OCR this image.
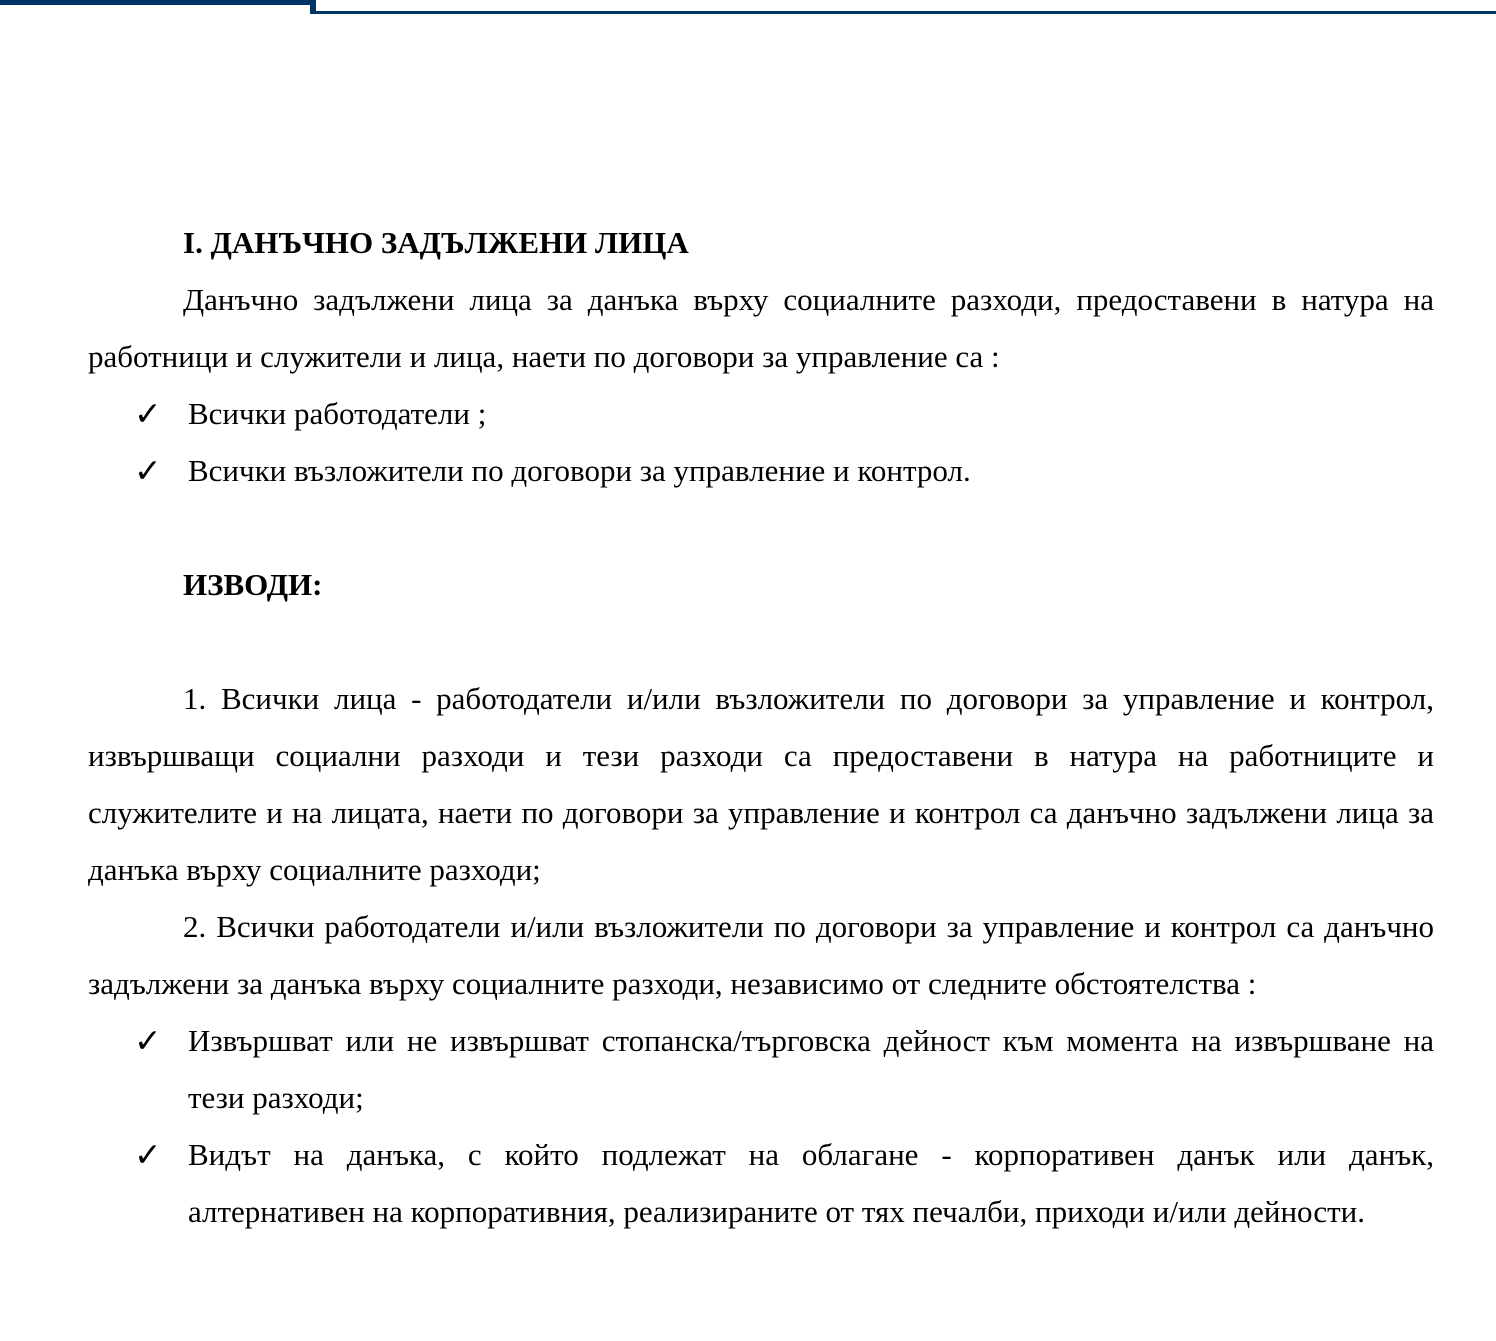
I. ДАНЪЧНО ЗАДЪЛЖЕНИ ЛИЦА
Данъчно задължени лица за данъка върху социалните разходи, предоставени в натура на работници и служители и лица, наети по договори за управление са :
✓ Всички работодатели ;
✓ Всички възложители по договори за управление и контрол.
ИЗВОДИ:
1. Всички лица - работодатели и/или възложители по договори за управление и контрол, извършващи социални разходи и тези разходи са предоставени в натура на работниците и служителите и на лицата, наети по договори за управление и контрол са данъчно задължени лица за данъка върху социалните разходи;
2. Всички работодатели и/или възложители по договори за управление и контрол са данъчно задължени за данъка върху социалните разходи, независимо от следните обстоятелства :
✓ Извършват или не извършват стопанска/търговска дейност към момента на извършване на тези разходи;
✓ Видът на данъка, с който подлежат на облагане - корпоративен данък или данък, алтернативен на корпоративния, реализираните от тях печалби, приходи и/или дейности.
